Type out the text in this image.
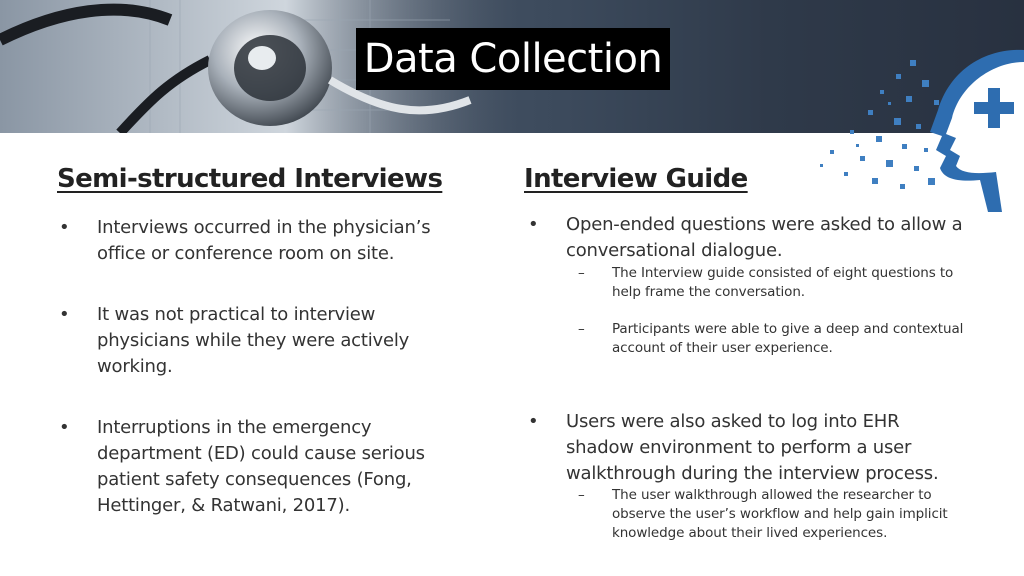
Data Collection
Semi-structured Interviews	Interview Guide
• Interviews occurred in the physician’s
office or conference room on site.
• It was not practical to interview
physicians while they were actively
working.
• Interruptions in the emergency
department (ED) could cause serious
patient safety consequences (Fong,
Hettinger, & Ratwani, 2017).
• Open-ended questions were asked to allow a
conversational dialogue.
– The Interview guide consisted of eight questions to
help frame the conversation.
– Participants were able to give a deep and contextual
account of their user experience.
• Users were also asked to log into EHR
shadow environment to perform a user
walkthrough during the interview process.
– The user walkthrough allowed the researcher to
observe the user’s workflow and help gain implicit
knowledge about their lived experiences.
